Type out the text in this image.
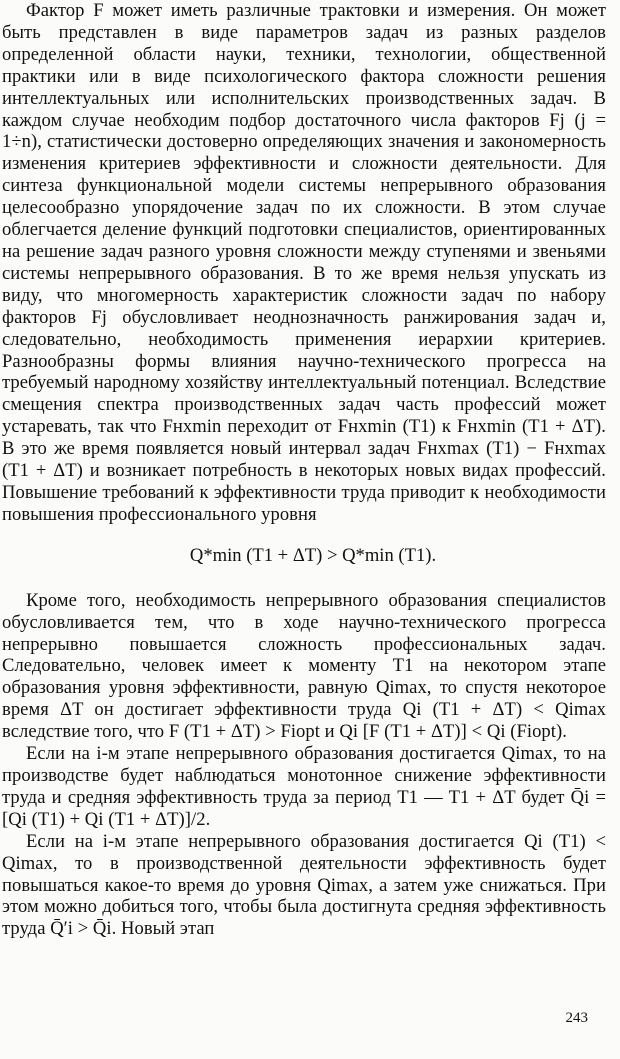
Фактор F может иметь различные трактовки и измерения. Он может быть представлен в виде параметров задач из разных разделов определенной области науки, техники, технологии, общественной практики или в виде психологического фактора сложности решения интеллектуальных или исполнительских производственных задач. В каждом случае необходим подбор достаточного числа факторов Fj (j = 1÷n), статистически достоверно определяющих значения и закономерность изменения критериев эффективности и сложности деятельности. Для синтеза функциональной модели системы непрерывного образования целесообразно упорядочение задач по их сложности. В этом случае облегчается деление функций подготовки специалистов, ориентированных на решение задач разного уровня сложности между ступенями и звеньями системы непрерывного образования. В то же время нельзя упускать из виду, что многомерность характеристик сложности задач по набору факторов Fj обусловливает неоднозначность ранжирования задач и, следовательно, необходимость применения иерархии критериев. Разнообразны формы влияния научно-технического прогресса на требуемый народному хозяйству интеллектуальный потенциал. Вследствие смещения спектра производственных задач часть профессий может устаревать, так что Fнхmin переходит от Fнхmin (T1) к Fнхmin (T1 + ΔT). В это же время появляется новый интервал задач Fнхmax (T1) − Fнхmax (T1 + ΔT) и возникает потребность в некоторых новых видах профессий. Повышение требований к эффективности труда приводит к необходимости повышения профессионального уровня

Q*min (T1 + ΔT) > Q*min (T1).

Кроме того, необходимость непрерывного образования специалистов обусловливается тем, что в ходе научно-технического прогресса непрерывно повышается сложность профессиональных задач. Следовательно, человек имеет к моменту T1 на некотором этапе образования уровня эффективности, равную Qimax, то спустя некоторое время ΔT он достигает эффективности труда Qi (T1 + ΔT) < Qimax вследствие того, что F (T1 + ΔT) > Fiopt и Qi [F (T1 + ΔT)] < Qi (Fiopt).

Если на i-м этапе непрерывного образования достигается Qimax, то на производстве будет наблюдаться монотонное снижение эффективности труда и средняя эффективность труда за период T1 — T1 + ΔT будет Q̄i = [Qi (T1) + Qi (T1 + ΔT)]/2.

Если на i-м этапе непрерывного образования достигается Qi (T1) < Qimax, то в производственной деятельности эффективность будет повышаться какое-то время до уровня Qimax, а затем уже снижаться. При этом можно добиться того, чтобы была достигнута средняя эффективность труда Q̄′i > Q̄i. Новый этап

243
